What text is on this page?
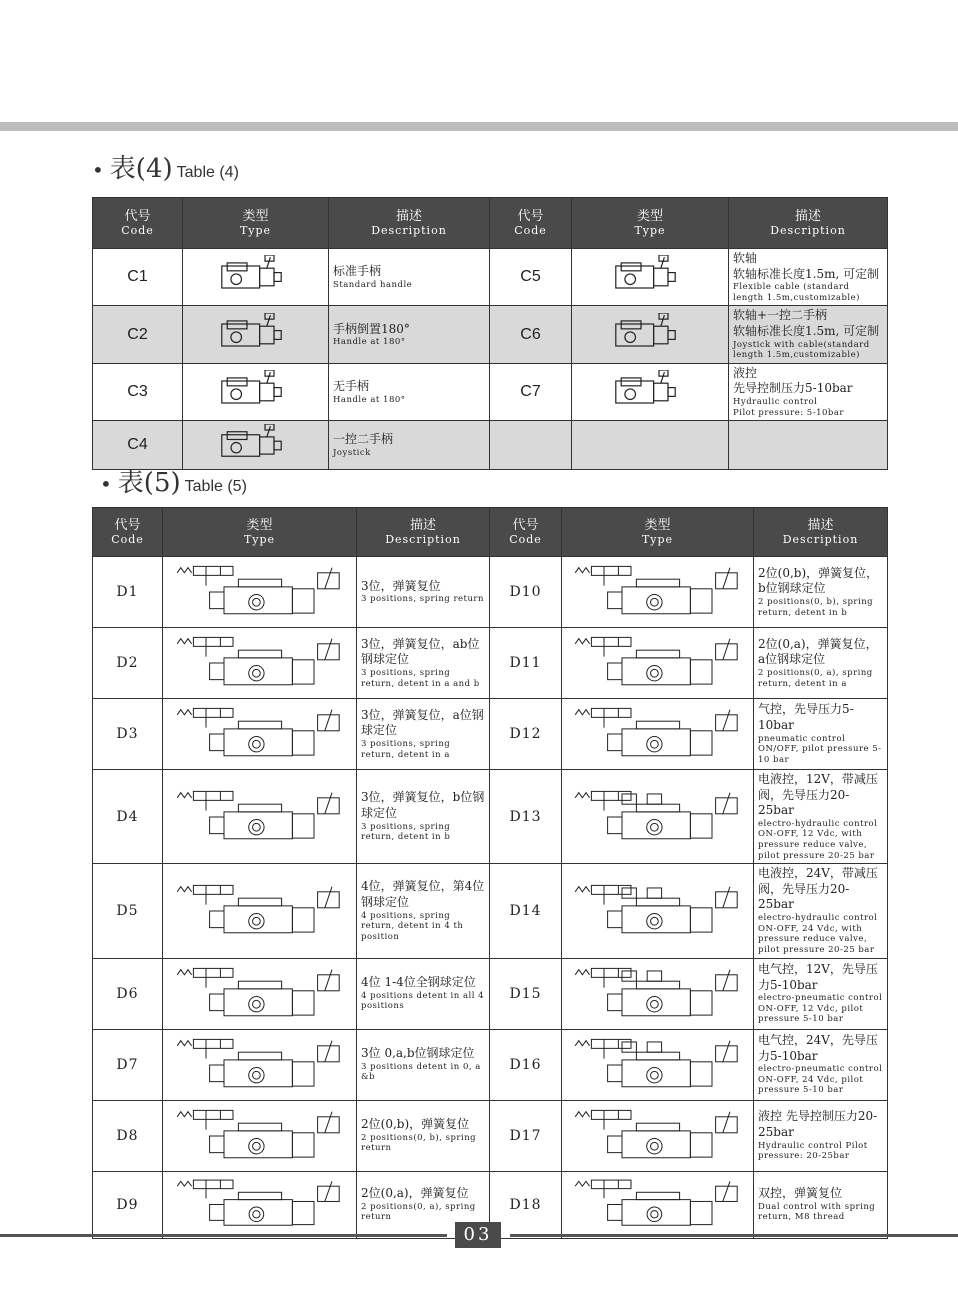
• 表(4) Table (4)
代号
Code	类型
Type	描述
Description	代号
Code	类型
Type	描述
Description

C1		标准手柄
Standard handle	C5		软轴
软轴标准长度1.5m, 可定制
Flexible cable (standard length 1.5m,customizable)

C2		手柄倒置180°
Handle at 180°	C6		软轴+一控二手柄
软轴标准长度1.5m, 可定制
Joystick with cable(standard length 1.5m,customizable)

C3		无手柄
Handle at 180°	C7		液控
先导控制压力5-10bar
Hydraulic control
Pilot pressure: 5-10bar

C4		一控二手柄
Joystick			

• 表(5) Table (5)
代号
Code	类型
Type	描述
Description	代号
Code	类型
Type	描述
Description

D1		3位，弹簧复位
3 positions, spring return	D10		2位(0,b)，弹簧复位，b位钢球定位
2 positions(0, b), spring return, detent in b

D2		3位，弹簧复位，ab位钢球定位
3 positions, spring return, detent in a and b	D11		2位(0,a)，弹簧复位，a位钢球定位
2 positions(0, a), spring return, detent in a

D3		3位，弹簧复位，a位钢球定位
3 positions, spring return, detent in a	D12		气控，先导压力5-10bar
pneumatic control ON/OFF, pilot pressure 5-10 bar

D4		3位，弹簧复位，b位钢球定位
3 positions, spring return, detent in b	D13		电液控，12V，带减压阀，先导压力20-25bar
electro-hydraulic control ON-OFF, 12 Vdc, with pressure reduce valve, pilot pressure 20-25 bar

D5		4位，弹簧复位，第4位钢球定位
4 positions, spring return, detent in 4 th position	D14		电液控，24V，带减压阀，先导压力20-25bar
electro-hydraulic control ON-OFF, 24 Vdc, with pressure reduce valve, pilot pressure 20-25 bar

D6		4位 1-4位全钢球定位
4 positions detent in all 4 positions	D15		电气控，12V，先导压力5-10bar
electro-pneumatic control ON-OFF, 12 Vdc, pilot pressure 5-10 bar

D7		3位 0,a,b位钢球定位
3 positions detent in 0, a &b	D16		电气控，24V，先导压力5-10bar
electro-pneumatic control ON-OFF, 24 Vdc, pilot pressure 5-10 bar

D8		2位(0,b)，弹簧复位
2 positions(0, b), spring return	D17		液控 先导控制压力20-25bar
Hydraulic control Pilot pressure: 20-25bar

D9		2位(0,a)，弹簧复位
2 positions(0, a), spring return	D18		双控，弹簧复位
Dual control with spring return, M8 thread
03
